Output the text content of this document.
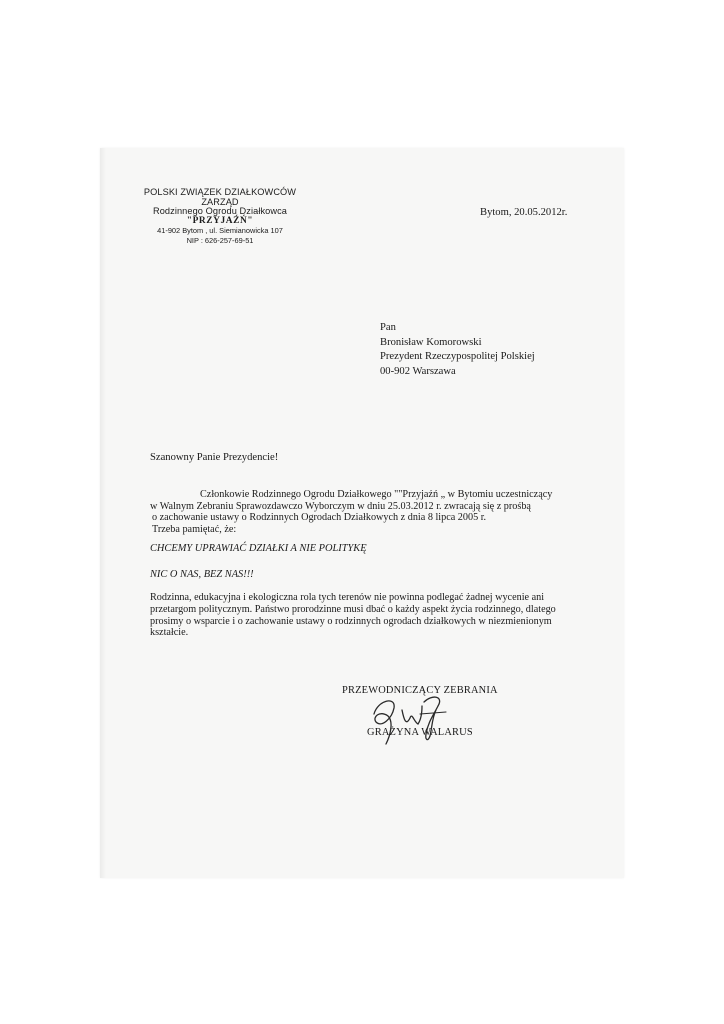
POLSKI ZWIĄZEK DZIAŁKOWCÓW
ZARZĄD
Rodzinnego Ogrodu Działkowca
"PRZYJAŹŃ"
41-902 Bytom , ul. Siemianowicka 107
NIP : 626-257-69-51
Bytom, 20.05.2012r.
Pan
Bronisław Komorowski
Prezydent Rzeczypospolitej Polskiej
00-902 Warszawa
Szanowny Panie Prezydencie!
Członkowie Rodzinnego Ogrodu Działkowego ""Przyjaźń „ w Bytomiu uczestniczący
w Walnym Zebraniu Sprawozdawczo Wyborczym w dniu 25.03.2012 r. zwracają się z prośbą
o zachowanie ustawy o Rodzinnych Ogrodach Działkowych z dnia 8 lipca 2005 r.
Trzeba pamiętać, że:
CHCEMY UPRAWIAĆ DZIAŁKI A NIE POLITYKĘ
NIC O NAS, BEZ NAS!!!
Rodzinna, edukacyjna i ekologiczna rola tych terenów nie powinna podlegać żadnej wycenie ani
przetargom politycznym. Państwo prorodzinne musi dbać o każdy aspekt życia rodzinnego, dlatego
prosimy o wsparcie i o zachowanie ustawy o rodzinnych ogrodach działkowych w niezmienionym
kształcie.
PRZEWODNICZĄCY ZEBRANIA
GRAŻYNA WALARUS
